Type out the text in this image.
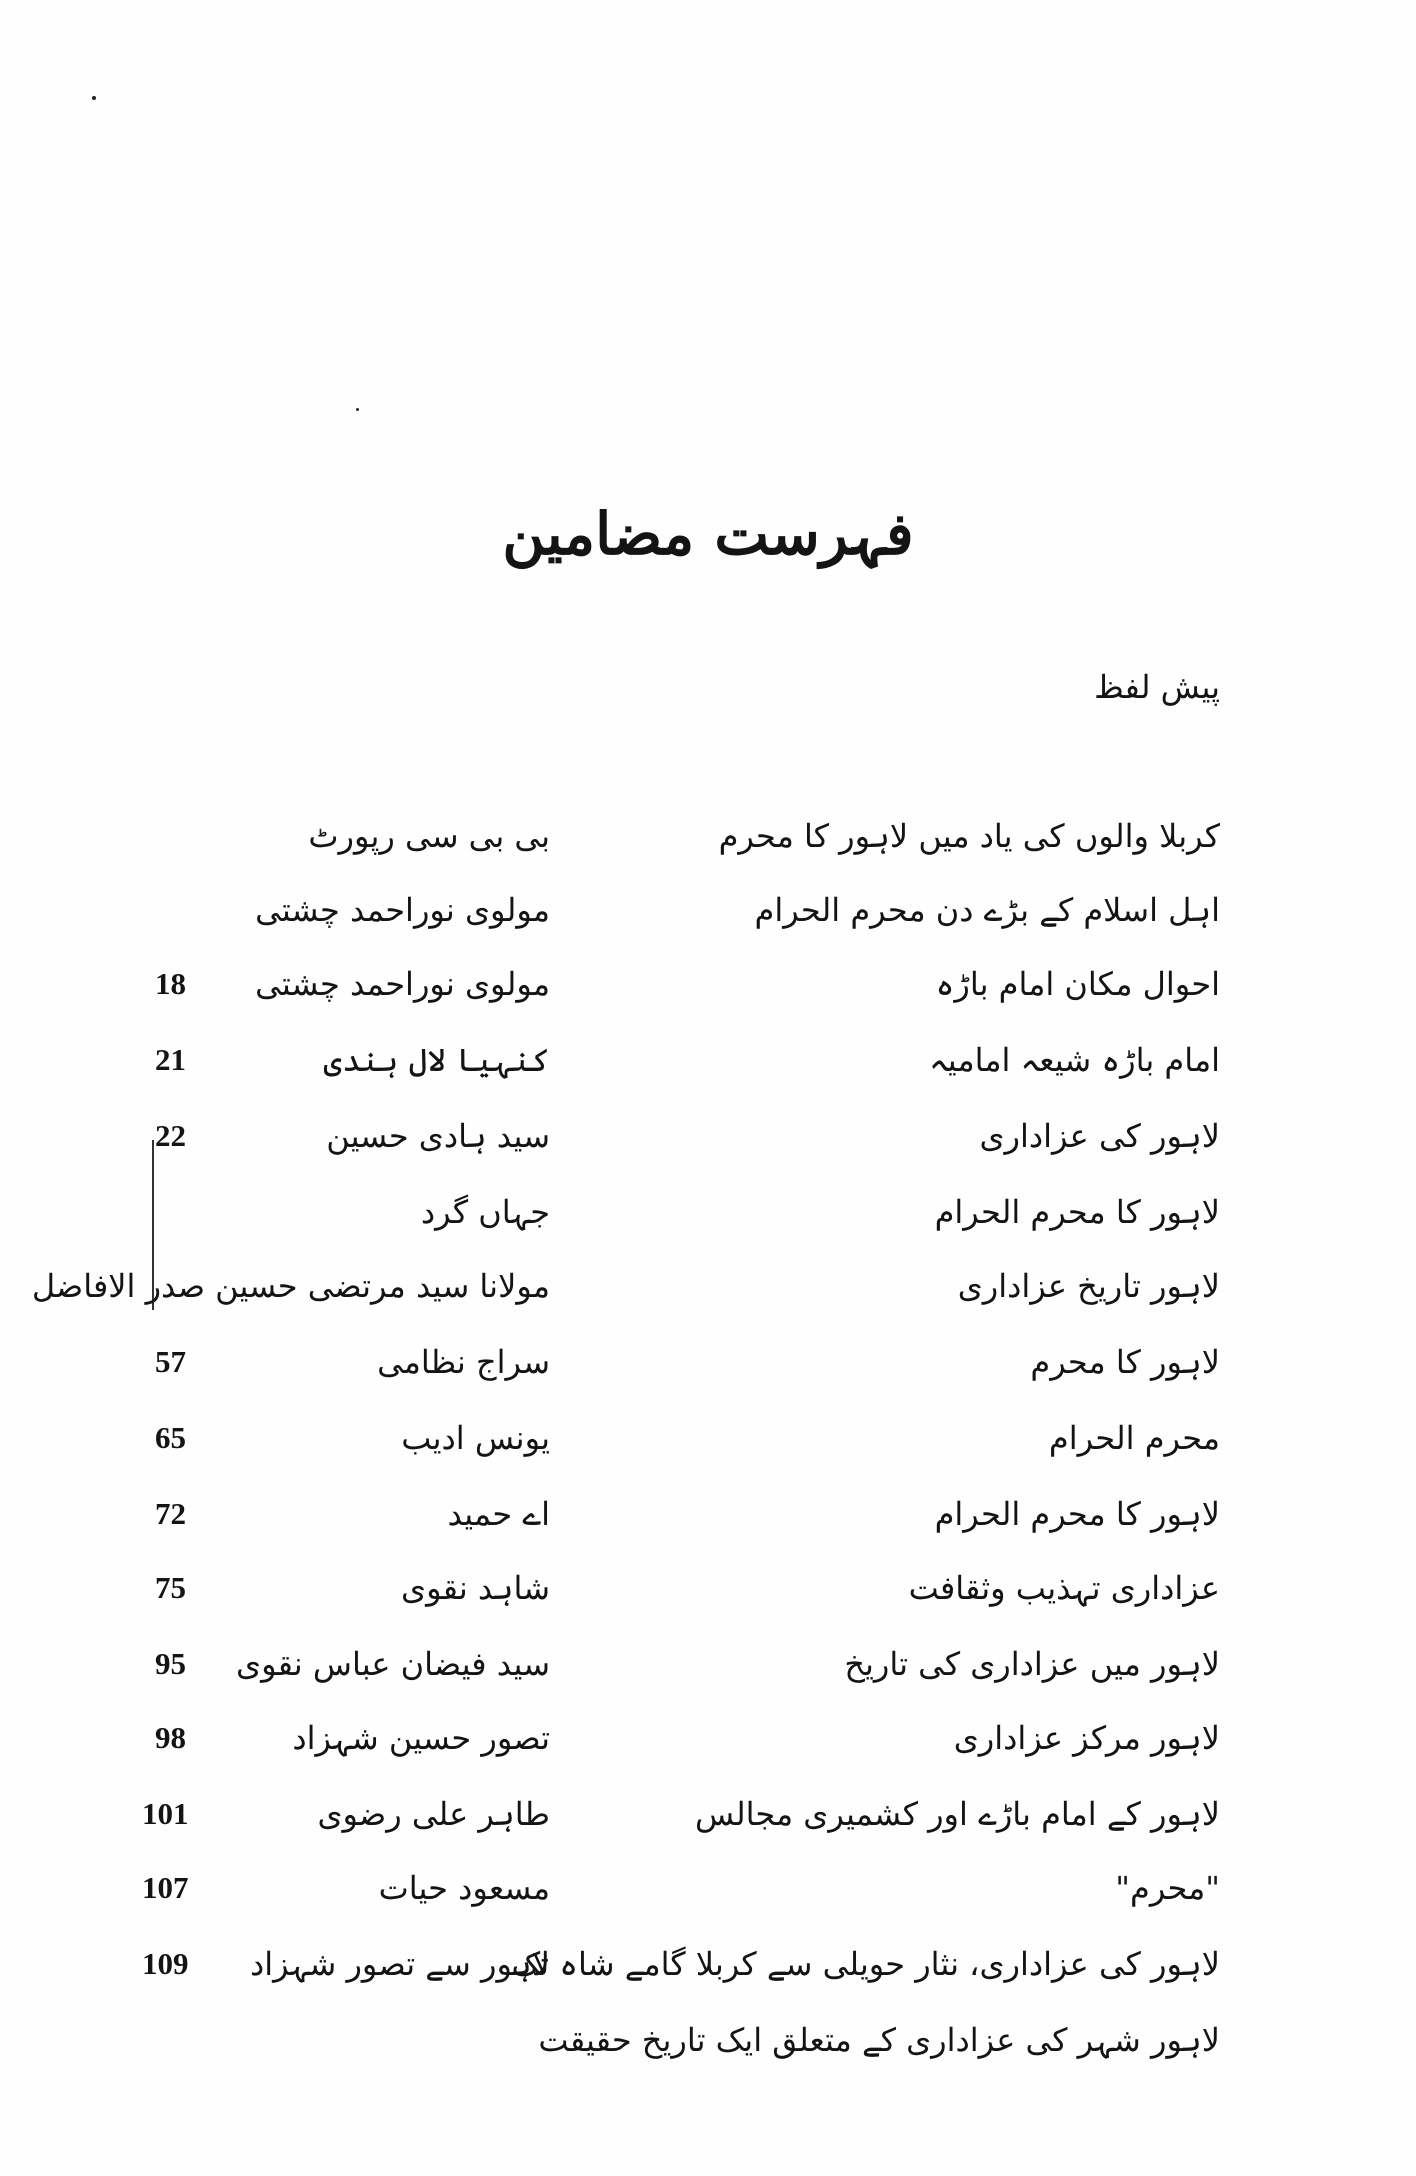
فہرست مضامین
پیش لفظ
کربلا والوں کی یاد میں لاہور کا محرم
بی بی سی رپورٹ
اہل اسلام کے بڑے دن محرم الحرام
مولوی نوراحمد چشتی
احوال مکان امام باڑہ
مولوی نوراحمد چشتی
18
امام باڑہ شیعہ امامیہ
کنہیا لال ہندی
21
لاہور کی عزاداری
سید ہادی حسین
22
لاہور کا محرم الحرام
جہاں گرد
لاہور تاریخ عزاداری
مولانا سید مرتضی حسین صدر الافاضل
لاہور کا محرم
سراج نظامی
57
محرم الحرام
یونس ادیب
65
لاہور کا محرم الحرام
اے حمید
72
عزاداری تہذیب وثقافت
شاہد نقوی
75
لاہور میں عزاداری کی تاریخ
سید فیضان عباس نقوی
95
لاہور مرکز عزاداری
تصور حسین شہزاد
98
لاہور کے امام باڑے اور کشمیری مجالس
طاہر علی رضوی
101
"محرم"
مسعود حیات
107
لاہور کی عزاداری، نثار حویلی سے کربلا گامے شاہ تک
لاہور سے تصور شہزاد
109
لاہور شہر کی عزاداری کے متعلق ایک تاریخ حقیقت
